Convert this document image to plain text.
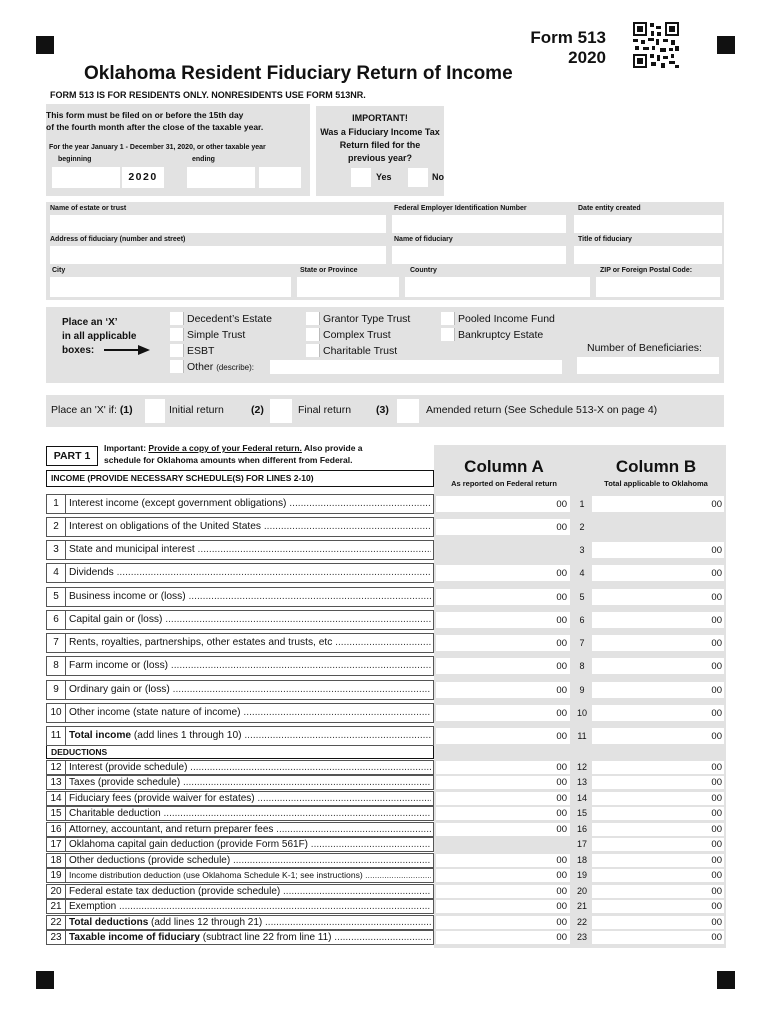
Form 513
2020
Oklahoma Resident Fiduciary Return of Income
FORM 513 IS FOR RESIDENTS ONLY. NONRESIDENTS USE FORM 513NR.
This form must be filed on or before the 15th day
of the fourth month after the close of the taxable year.
For the year January 1 - December 31, 2020, or other taxable year
beginning	ending
2020
IMPORTANT!
Was a Fiduciary Income Tax
Return filed for the
previous year?
Yes	No
Name of estate or trust	Federal Employer Identification Number	Date entity created
Address of fiduciary (number and street)	Name of fiduciary	Title of fiduciary
City	State or Province	Country	ZIP or Foreign Postal Code:
Place an ‘X’
in all applicable
boxes:
Decedent’s Estate
Simple Trust
ESBT
Other (describe):
Grantor Type Trust
Complex Trust
Charitable Trust
Pooled Income Fund
Bankruptcy Estate
Number of Beneficiaries:
Place an 'X' if: (1)	Initial return	(2)	Final return (3)	Amended return (See Schedule 513-X on page 4)
PART 1
Important: Provide a copy of your Federal return. Also provide a
schedule for Oklahoma amounts when different from Federal.
INCOME (PROVIDE NECESSARY SCHEDULE(S) FOR LINES 2-10)
Column A
As reported on Federal return
Column B
Total applicable to Oklahoma
DEDUCTIONS
1	Interest income (except government obligations) .....	00	1	00
2	Interest on obligations of the United States .....	00	2
3	State and municipal interest .....	3	00
4	Dividends .....	00	4	00
5	Business income or (loss) .....	00	5	00
6	Capital gain or (loss) .....	00	6	00
7	Rents, royalties, partnerships, other estates and trusts, etc .....	00	7	00
8	Farm income or (loss) .....	00	8	00
9	Ordinary gain or (loss) .....	00	9	00
10 Other income (state nature of income) .....	00	10	00
11 Total income (add lines 1 through 10) .....	00	11	00
12 Interest (provide schedule) .....	00	12	00
13 Taxes (provide schedule) .....	00	13	00
14 Fiduciary fees (provide waiver for estates) .....	00	14	00
15 Charitable deduction .....	00	15	00
16 Attorney, accountant, and return preparer fees .....	00	16	00
17 Oklahoma capital gain deduction (provide Form 561F) .....	17	00
18 Other deductions (provide schedule) .....	00	18	00
19 Income distribution deduction (use Oklahoma Schedule K-1; see instructions) .....	00	19	00
20 Federal estate tax deduction (provide schedule) .....	00	20	00
21 Exemption .....	00	21	00
22 Total deductions (add lines 12 through 21) .....	00	22	00
23 Taxable income of fiduciary (subtract line 22 from line 11) .....	00	23	00
